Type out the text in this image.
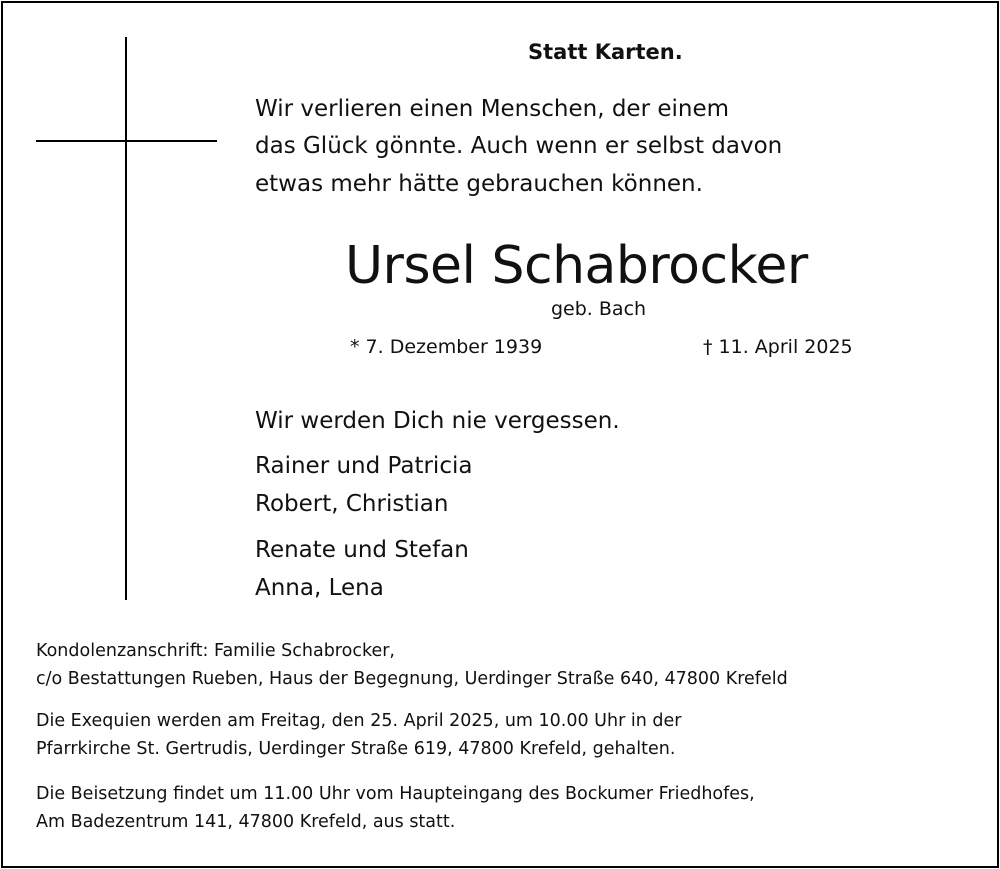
Statt Karten.
Wir verlieren einen Menschen, der einem
das Glück gönnte. Auch wenn er selbst davon
etwas mehr hätte gebrauchen können.
Ursel Schabrocker
geb. Bach
* 7. Dezember 1939	† 11. April 2025
Wir werden Dich nie vergessen.
Rainer und Patricia
Robert, Christian
Renate und Stefan
Anna, Lena
Kondolenzanschrift: Familie Schabrocker,
c/o Bestattungen Rueben, Haus der Begegnung, Uerdinger Straße 640, 47800 Krefeld
Die Exequien werden am Freitag, den 25. April 2025, um 10.00 Uhr in der
Pfarrkirche St. Gertrudis, Uerdinger Straße 619, 47800 Krefeld, gehalten.
Die Beisetzung findet um 11.00 Uhr vom Haupteingang des Bockumer Friedhofes,
Am Badezentrum 141, 47800 Krefeld, aus statt.
